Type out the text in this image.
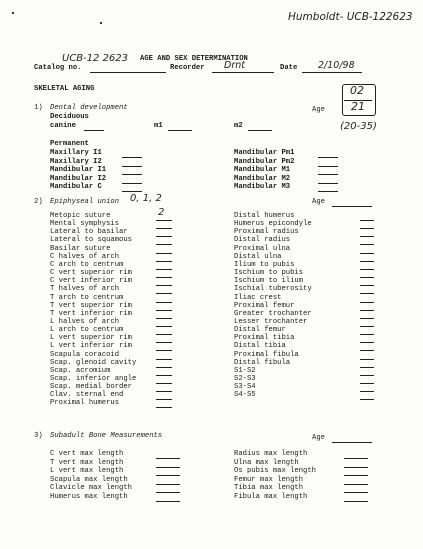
Humboldt- UCB-122623
AGE AND SEX DETERMINATION
UCB-12 2623
Catalog no.	Recorder Drnt	Date 2/10/98
SKELETAL AGING
1) Dental development	Age
02
21
(20-35)
Deciduous
canine	m1	m2
Permanent
Maxillary I1
Maxillary I2
Mandibular I1
Mandibular I2
Mandibular C
Mandibular Pm1
Mandibular Pm2
Mandibular M1
Mandibular M2
Mandibular M3
2) Epiphyseal union 0, 1, 2	Age
2
Metopic suture
Mental symphysis
Lateral to basilar
Lateral to squamous
Basilar suture
C halves of arch
C arch to centrum
C vert superior rim
C vert inferior rim
T halves of arch
T arch to centrum
T vert superior rim
T vert inferior rim
L halves of arch
L arch to centrum
L vert superior rim
L vert inferior rim
Scapula coracoid
Scap. glenoid cavity
Scap. acromium
Scap. inferior angle
Scap. medial border
Clav. sternal end
Proximal humerus
Distal humerus
Humerus epicondyle
Proximal radius
Distal radius
Proximal ulna
Distal ulna
Ilium to pubis
Ischium to pubis
Ischium to ilium
Ischial tuberosity
Iliac crest
Proximal femur
Greater trochanter
Lesser trochanter
Distal femur
Proximal tibia
Distal tibia
Proximal fibula
Distal fibula
S1-S2
S2-S3
S3-S4
S4-S5
3) Subadult Bone Measurements	Age
C vert max length
T vert max length
L vert max length
Scapula max length
Clavicle max length
Humerus max length
Radius max length
Ulna max length
Os pubis max length
Femur max length
Tibia max length
Fibula max length
